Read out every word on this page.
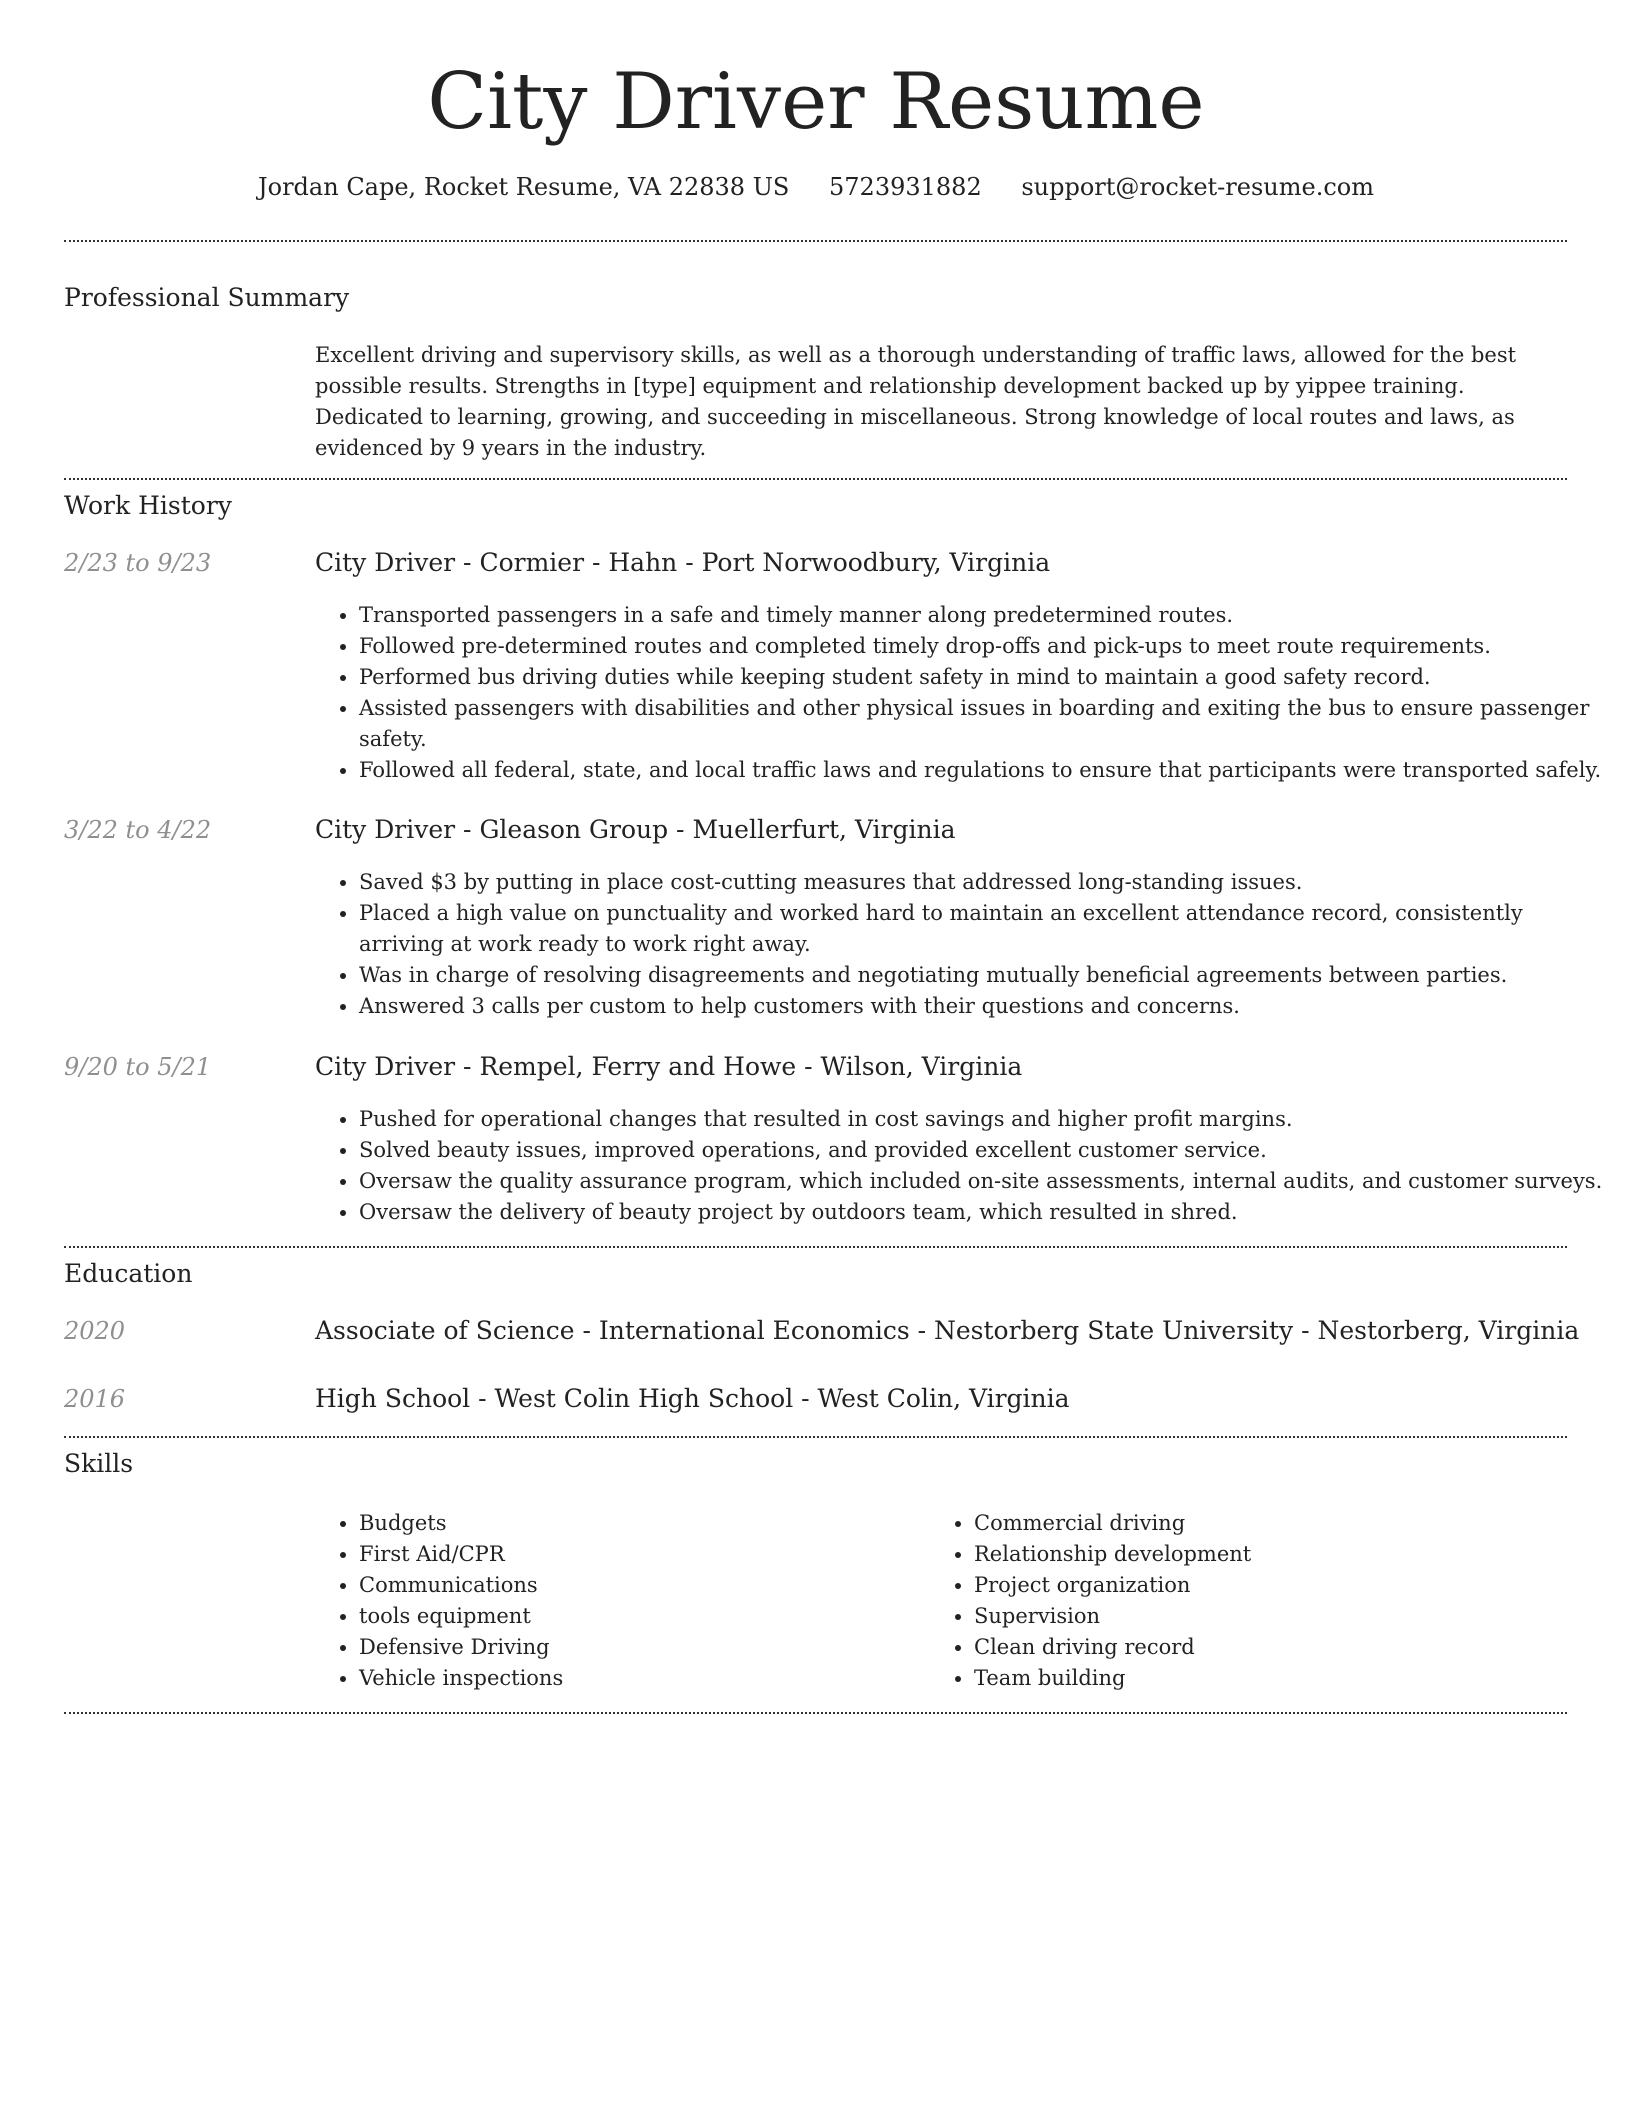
City Driver Resume
Jordan Cape, Rocket Resume, VA 22838 US 5723931882 support@rocket-resume.com
Professional Summary
Excellent driving and supervisory skills, as well as a thorough understanding of traffic laws, allowed for the best possible results. Strengths in [type] equipment and relationship development backed up by yippee training. Dedicated to learning, growing, and succeeding in miscellaneous. Strong knowledge of local routes and laws, as evidenced by 9 years in the industry.
Work History
2/23 to 9/23	City Driver - Cormier - Hahn - Port Norwoodbury, Virginia
• Transported passengers in a safe and timely manner along predetermined routes.
• Followed pre-determined routes and completed timely drop-offs and pick-ups to meet route requirements.
• Performed bus driving duties while keeping student safety in mind to maintain a good safety record.
• Assisted passengers with disabilities and other physical issues in boarding and exiting the bus to ensure passenger safety.
• Followed all federal, state, and local traffic laws and regulations to ensure that participants were transported safely.
3/22 to 4/22	City Driver - Gleason Group - Muellerfurt, Virginia
• Saved $3 by putting in place cost-cutting measures that addressed long-standing issues.
• Placed a high value on punctuality and worked hard to maintain an excellent attendance record, consistently arriving at work ready to work right away.
• Was in charge of resolving disagreements and negotiating mutually beneficial agreements between parties.
• Answered 3 calls per custom to help customers with their questions and concerns.
9/20 to 5/21	City Driver - Rempel, Ferry and Howe - Wilson, Virginia
• Pushed for operational changes that resulted in cost savings and higher profit margins.
• Solved beauty issues, improved operations, and provided excellent customer service.
• Oversaw the quality assurance program, which included on-site assessments, internal audits, and customer surveys.
• Oversaw the delivery of beauty project by outdoors team, which resulted in shred.
Education
2020	Associate of Science - International Economics - Nestorberg State University - Nestorberg, Virginia
2016	High School - West Colin High School - West Colin, Virginia
Skills
• Budgets
• First Aid/CPR
• Communications
• tools equipment
• Defensive Driving
• Vehicle inspections
• Commercial driving
• Relationship development
• Project organization
• Supervision
• Clean driving record
• Team building
